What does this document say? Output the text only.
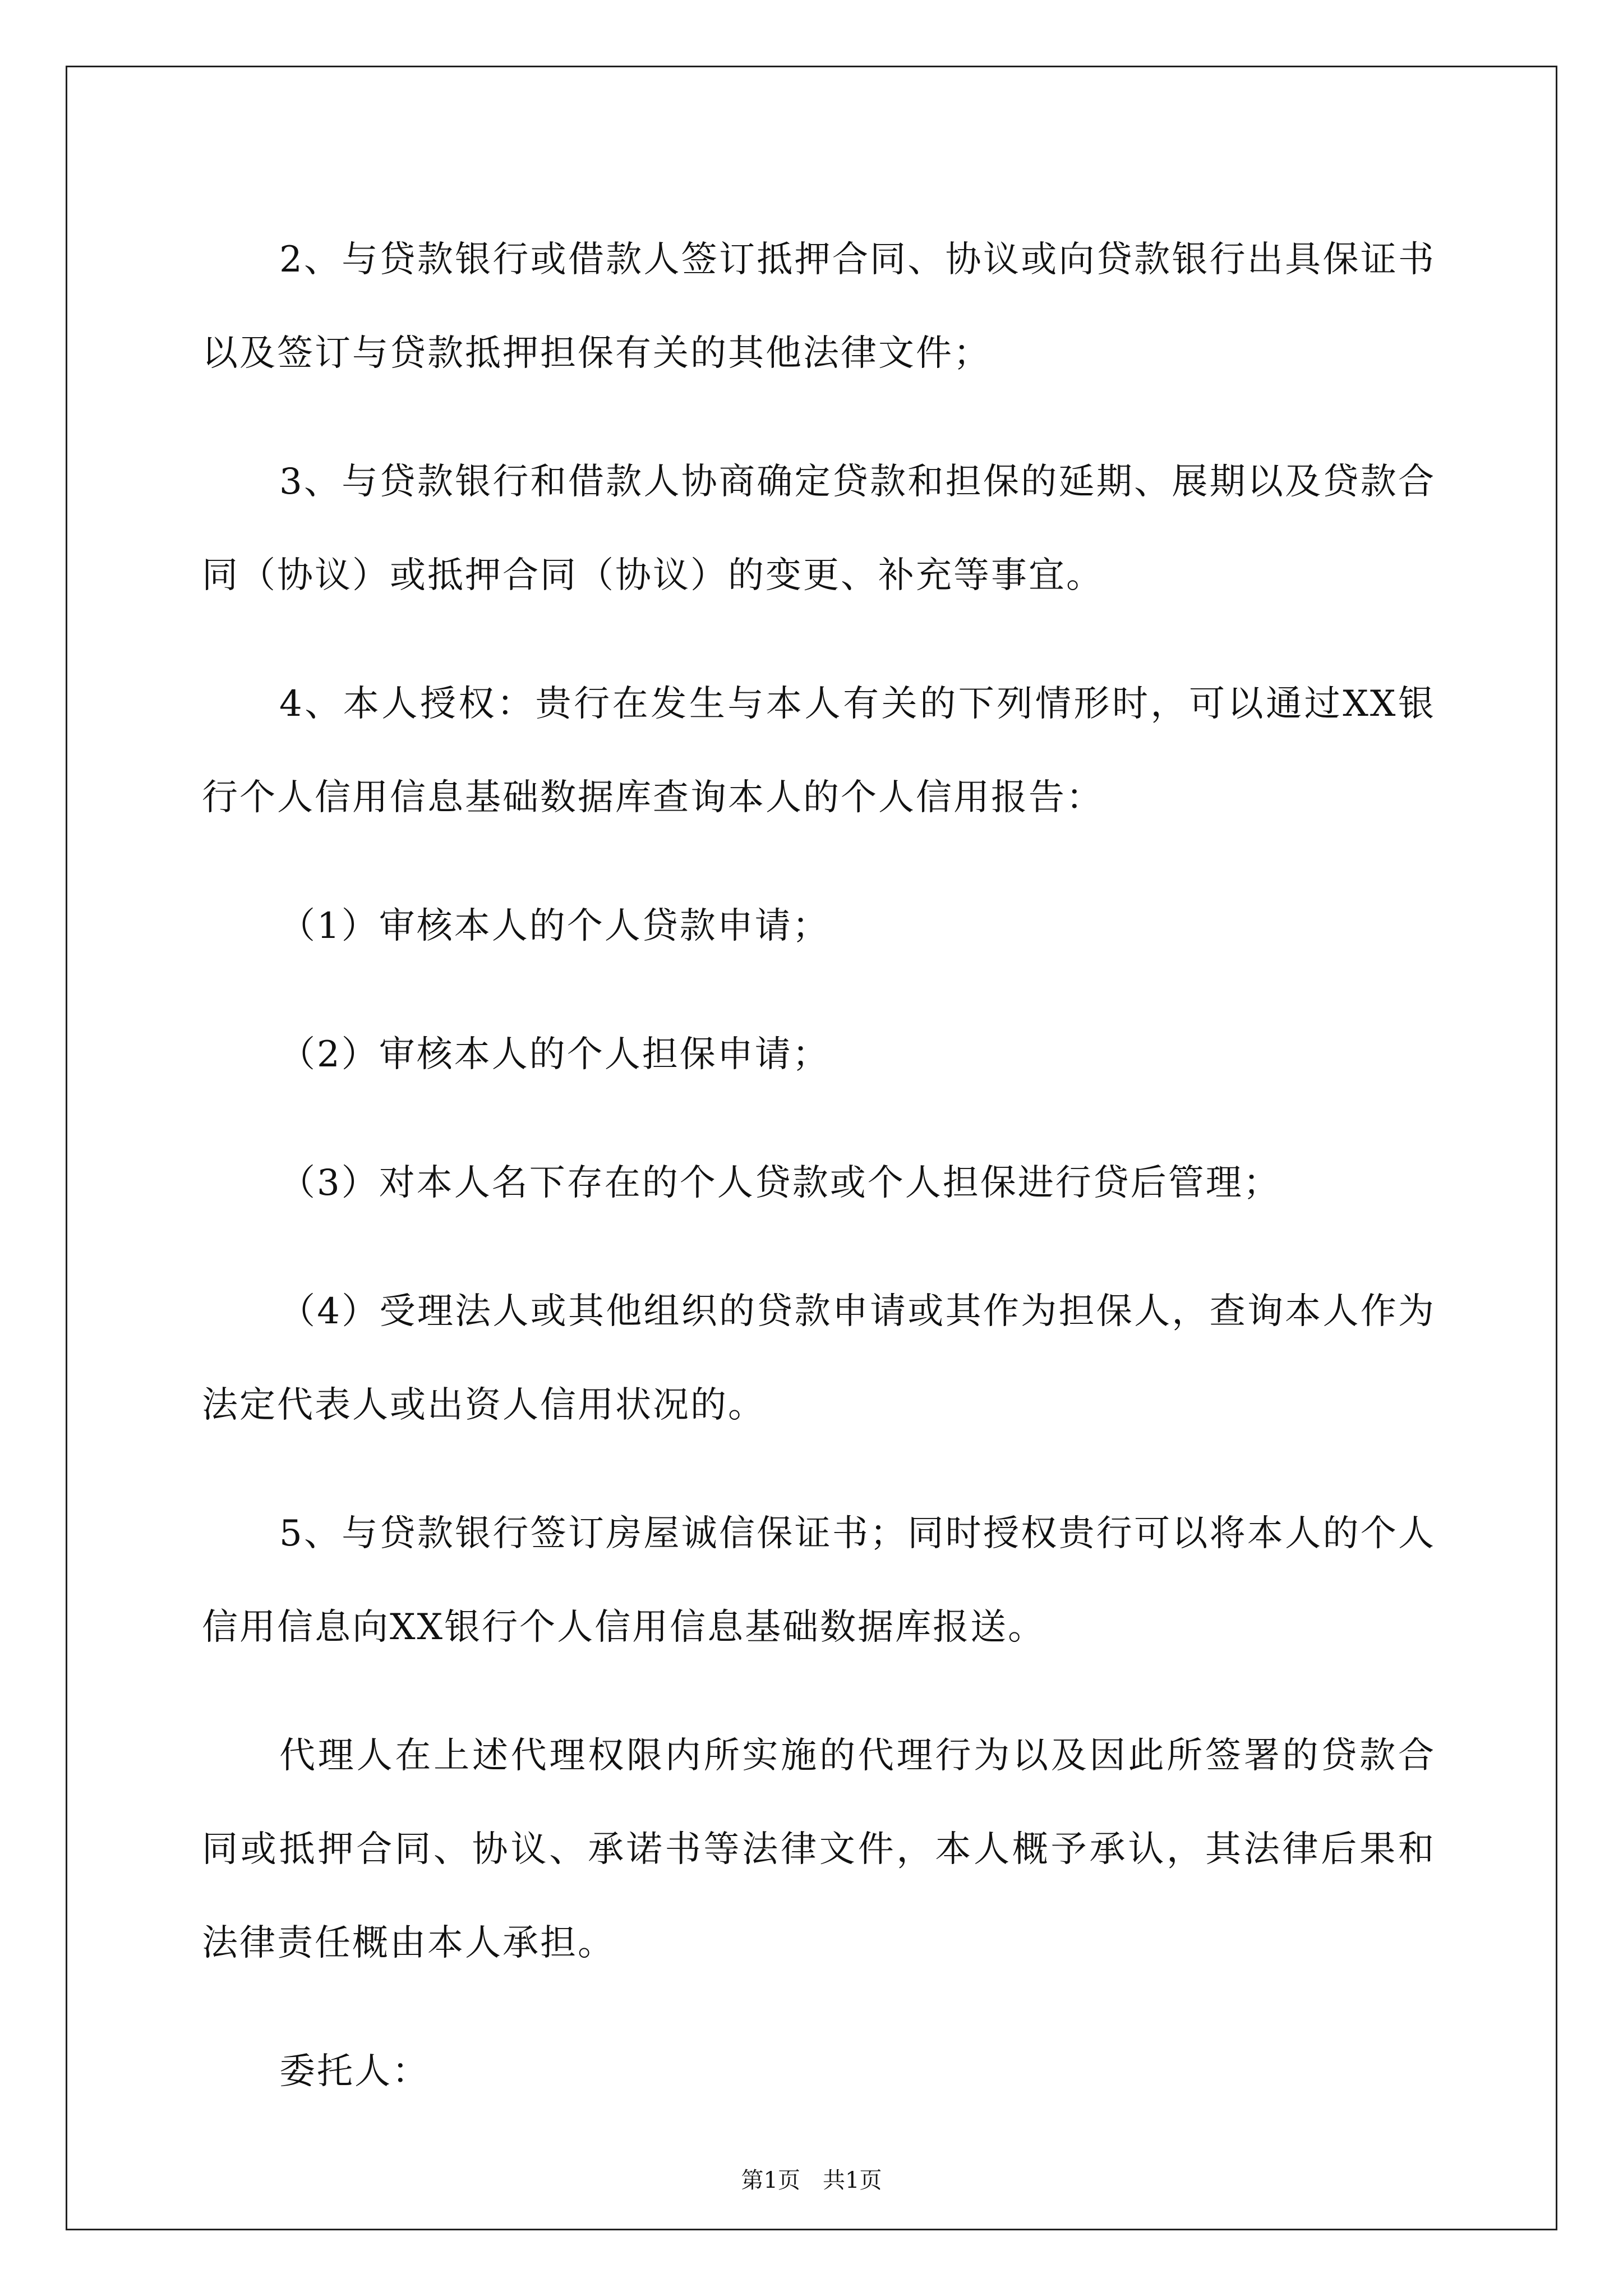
2、与贷款银行或借款人签订抵押合同、协议或向贷款银行出具保证书以及签订与贷款抵押担保有关的其他法律文件；

3、与贷款银行和借款人协商确定贷款和担保的延期、展期以及贷款合同（协议）或抵押合同（协议）的变更、补充等事宜。

4、本人授权：贵行在发生与本人有关的下列情形时，可以通过XX银行个人信用信息基础数据库查询本人的个人信用报告：

（1）审核本人的个人贷款申请；

（2）审核本人的个人担保申请；

（3）对本人名下存在的个人贷款或个人担保进行贷后管理；

（4）受理法人或其他组织的贷款申请或其作为担保人，查询本人作为法定代表人或出资人信用状况的。

5、与贷款银行签订房屋诚信保证书；同时授权贵行可以将本人的个人信用信息向XX银行个人信用信息基础数据库报送。

代理人在上述代理权限内所实施的代理行为以及因此所签署的贷款合同或抵押合同、协议、承诺书等法律文件，本人概予承认，其法律后果和法律责任概由本人承担。

委托人：

第1页　共1页
